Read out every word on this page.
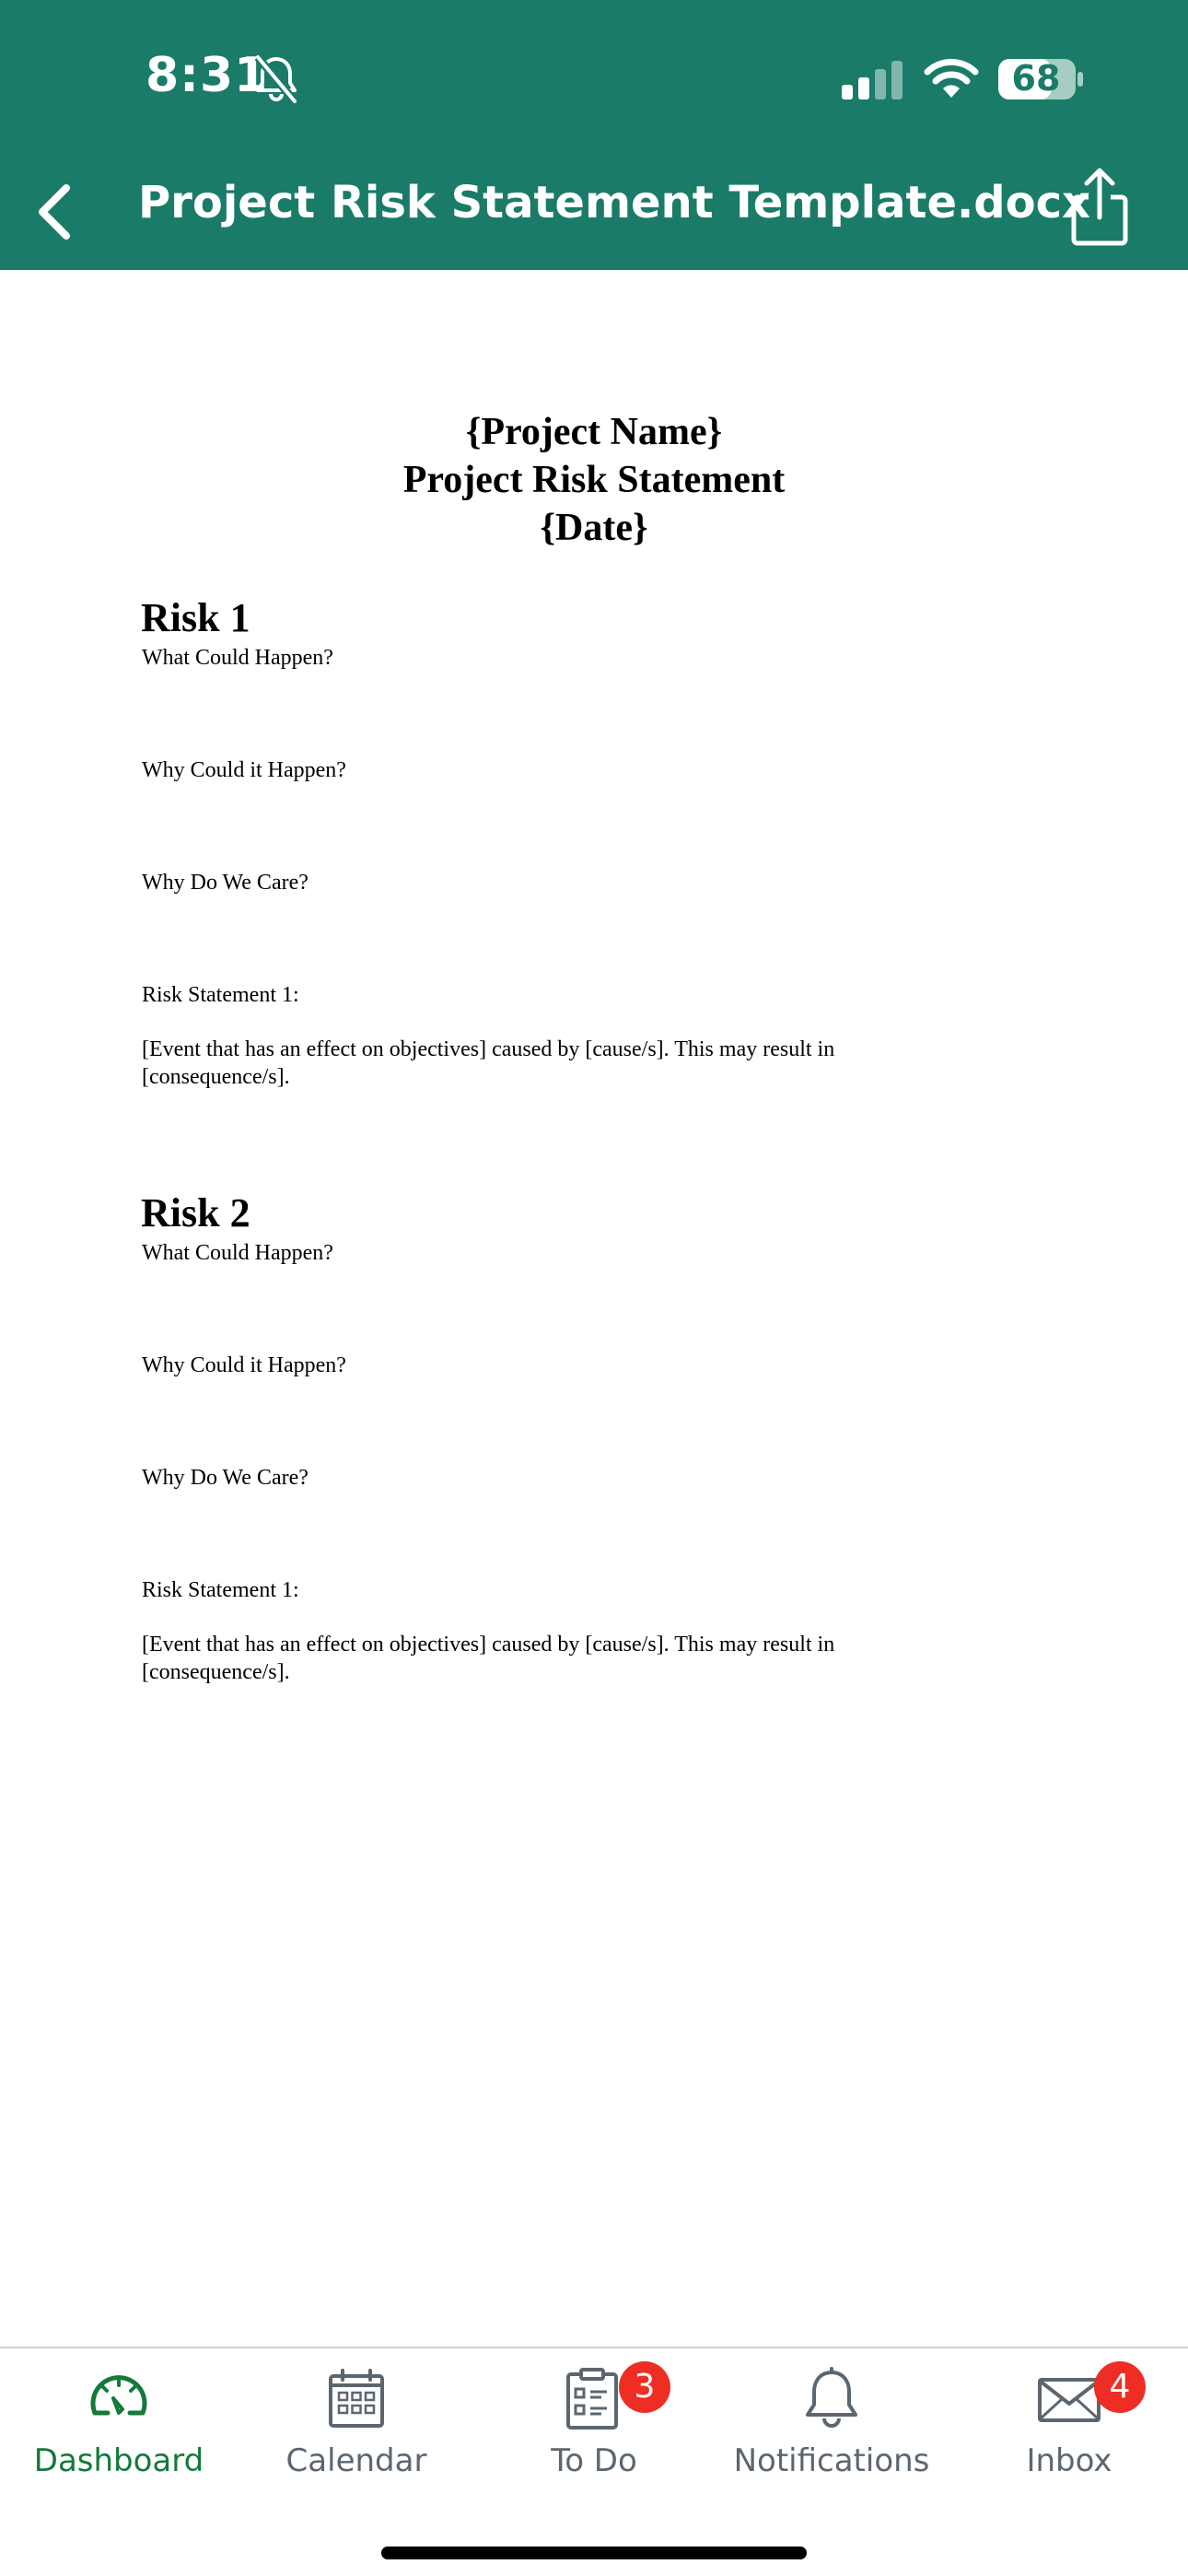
8:31	68
Project Risk Statement Template.docx
{Project Name}
Project Risk Statement
{Date}
Risk 1
What Could Happen?
Why Could it Happen?
Why Do We Care?
Risk Statement 1:
[Event that has an effect on objectives] caused by [cause/s]. This may result in
[consequence/s].
Risk 2
What Could Happen?
Why Could it Happen?
Why Do We Care?
Risk Statement 1:
[Event that has an effect on objectives] caused by [cause/s]. This may result in
[consequence/s].
Dashboard	Calendar
3
To Do	Notifications
4
Inbox
